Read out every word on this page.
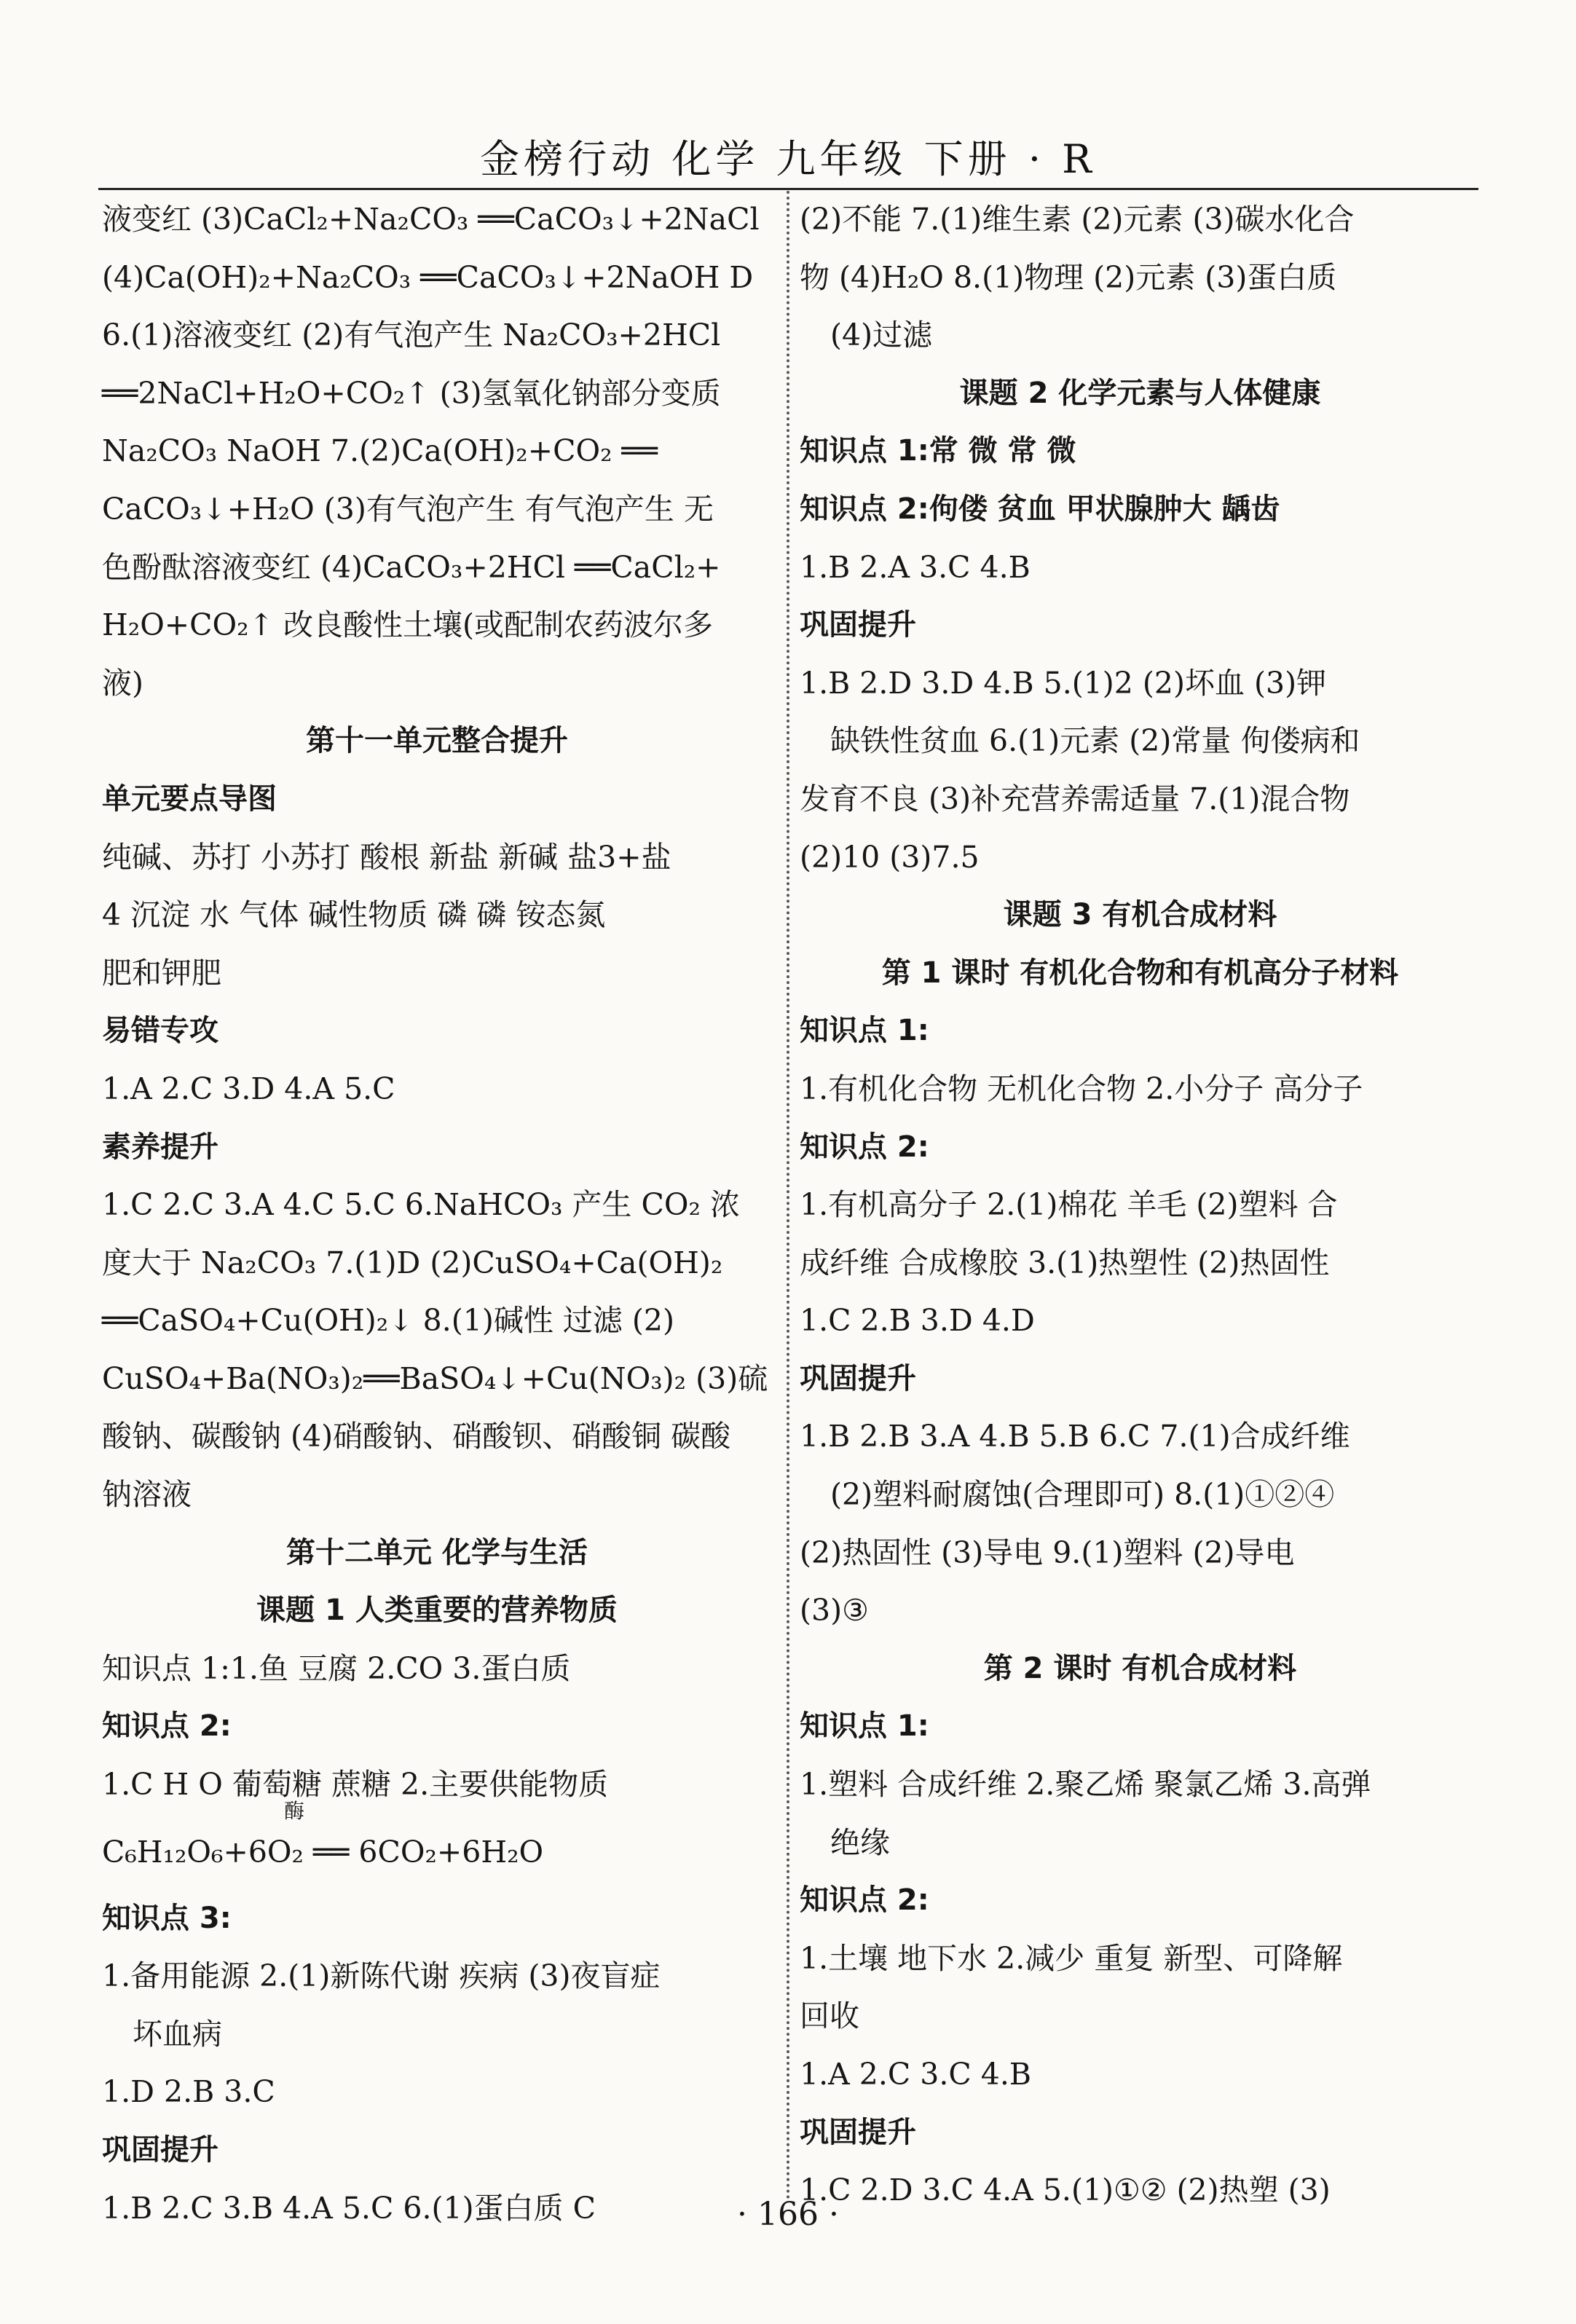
金榜行动 化学 九年级 下册 · R
液变红 (3)CaCl₂+Na₂CO₃ ══CaCO₃↓+2NaCl
(4)Ca(OH)₂+Na₂CO₃ ══CaCO₃↓+2NaOH D
6.(1)溶液变红 (2)有气泡产生 Na₂CO₃+2HCl
══2NaCl+H₂O+CO₂↑ (3)氢氧化钠部分变质
Na₂CO₃ NaOH 7.(2)Ca(OH)₂+CO₂ ══
CaCO₃↓+H₂O (3)有气泡产生 有气泡产生 无
色酚酞溶液变红 (4)CaCO₃+2HCl ══CaCl₂+
H₂O+CO₂↑ 改良酸性土壤(或配制农药波尔多
液)
第十一单元整合提升
单元要点导图
纯碱、苏打 小苏打 酸根 新盐 新碱 盐3+盐
4 沉淀 水 气体 碱性物质 磷 磷 铵态氮
肥和钾肥
易错专攻
1.A 2.C 3.D 4.A 5.C
素养提升
1.C 2.C 3.A 4.C 5.C 6.NaHCO₃ 产生 CO₂ 浓
度大于 Na₂CO₃ 7.(1)D (2)CuSO₄+Ca(OH)₂
══CaSO₄+Cu(OH)₂↓ 8.(1)碱性 过滤 (2)
CuSO₄+Ba(NO₃)₂══BaSO₄↓+Cu(NO₃)₂ (3)硫
酸钠、碳酸钠 (4)硝酸钠、硝酸钡、硝酸铜 碳酸
钠溶液
第十二单元 化学与生活
课题 1 人类重要的营养物质
知识点 1:1.鱼 豆腐 2.CO 3.蛋白质
知识点 2:
1.C H O 葡萄糖 蔗糖 2.主要供能物质
酶
C₆H₁₂O₆+6O₂ ══ 6CO₂+6H₂O
知识点 3:
1.备用能源 2.(1)新陈代谢 疾病 (3)夜盲症
坏血病
1.D 2.B 3.C
巩固提升
1.B 2.C 3.B 4.A 5.C 6.(1)蛋白质 C
(2)不能 7.(1)维生素 (2)元素 (3)碳水化合
物 (4)H₂O 8.(1)物理 (2)元素 (3)蛋白质
(4)过滤
课题 2 化学元素与人体健康
知识点 1:常 微 常 微
知识点 2:佝偻 贫血 甲状腺肿大 龋齿
1.B 2.A 3.C 4.B
巩固提升
1.B 2.D 3.D 4.B 5.(1)2 (2)坏血 (3)钾
缺铁性贫血 6.(1)元素 (2)常量 佝偻病和
发育不良 (3)补充营养需适量 7.(1)混合物
(2)10 (3)7.5
课题 3 有机合成材料
第 1 课时 有机化合物和有机高分子材料
知识点 1:
1.有机化合物 无机化合物 2.小分子 高分子
知识点 2:
1.有机高分子 2.(1)棉花 羊毛 (2)塑料 合
成纤维 合成橡胶 3.(1)热塑性 (2)热固性
1.C 2.B 3.D 4.D
巩固提升
1.B 2.B 3.A 4.B 5.B 6.C 7.(1)合成纤维
(2)塑料耐腐蚀(合理即可) 8.(1)①②④
(2)热固性 (3)导电 9.(1)塑料 (2)导电
(3)③
第 2 课时 有机合成材料
知识点 1:
1.塑料 合成纤维 2.聚乙烯 聚氯乙烯 3.高弹
绝缘
知识点 2:
1.土壤 地下水 2.减少 重复 新型、可降解
回收
1.A 2.C 3.C 4.B
巩固提升
1.C 2.D 3.C 4.A 5.(1)①② (2)热塑 (3)
· 166 ·
